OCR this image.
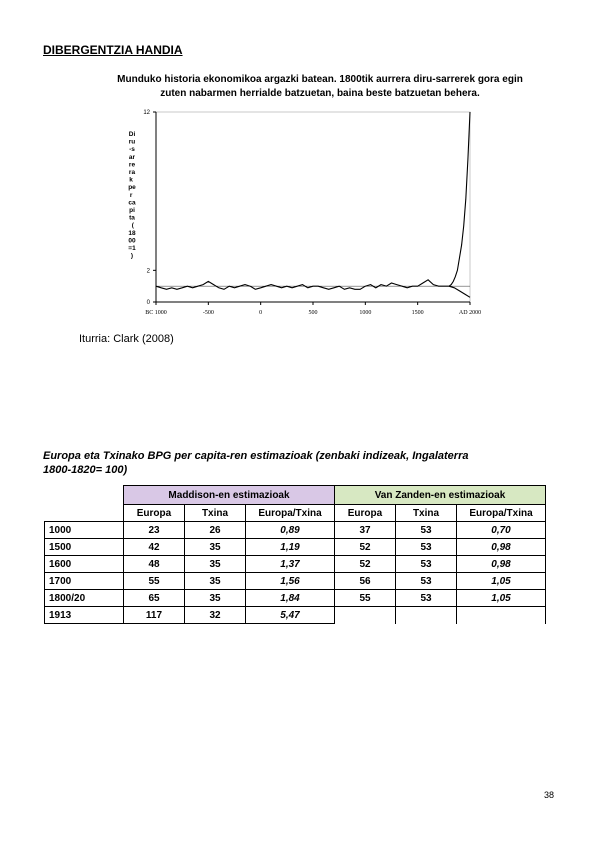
DIBERGENTZIA HANDIA
Munduko historia ekonomikoa argazki batean. 1800tik aurrera diru-sarrerek gora egin
zuten nabarmen herrialde batzuetan, baina beste batzuetan behera.
Di ru -s ar re ra k pe r ca pi ta ( 18 00 =1 )
0
2
12
BC 1000	-500	0	500	1000	1500	AD 2000
Iturria: Clark (2008)
Europa eta Txinako BPG per capita-ren estimazioak (zenbaki indizeak, Ingalaterra
1800-1820= 100)
	Maddison-en estimazioak			Van Zanden-en estimazioak		
	Europa	Txina	Europa/Txina	Europa	Txina	Europa/Txina
1000	23	26	0,89	37	53	0,70
1500	42	35	1,19	52	53	0,98
1600	48	35	1,37	52	53	0,98
1700	55	35	1,56	56	53	1,05
1800/20	65	35	1,84	55	53	1,05
1913	117	32	5,47			
38
